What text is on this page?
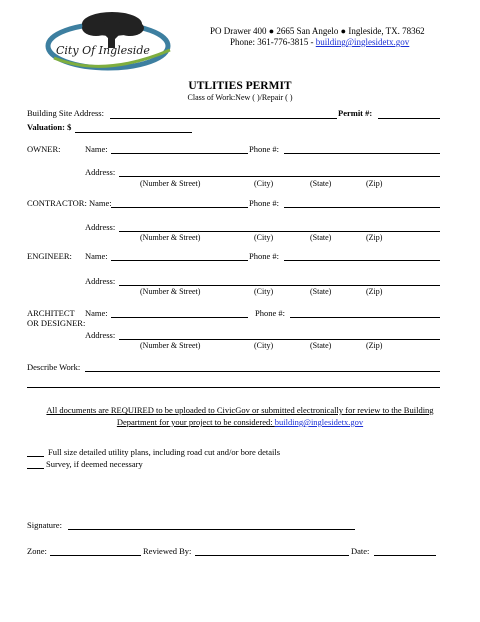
City Of Ingleside
PO Drawer 400 ● 2665 San Angelo ● Ingleside, TX. 78362
Phone: 361-776-3815 - building@inglesidetx.gov
UTLITIES PERMIT
Class of Work:New ( )/Repair ( )
Building Site Address:	Permit #:
Valuation: $
OWNER:	Name:	Phone #:
Address:
(Number & Street)	(City)	(State)	(Zip)
CONTRACTOR: Name:	Phone #:
Address:
(Number & Street)	(City)	(State)	(Zip)
ENGINEER: Name:	Phone #:
Address:
(Number & Street)	(City)	(State)	(Zip)
ARCHITECT Name:	Phone #:
OR DESIGNER:
Address:
(Number & Street)	(City)	(State)	(Zip)
Describe Work:
All documents are REQUIRED to be uploaded to CivicGov or submitted electronically for review to the Building
Department for your project to be considered: building@inglesidetx.gov
Full size detailed utility plans, including road cut and/or bore details
Survey, if deemed necessary
Signature:
Zone:	Reviewed By:	Date:
